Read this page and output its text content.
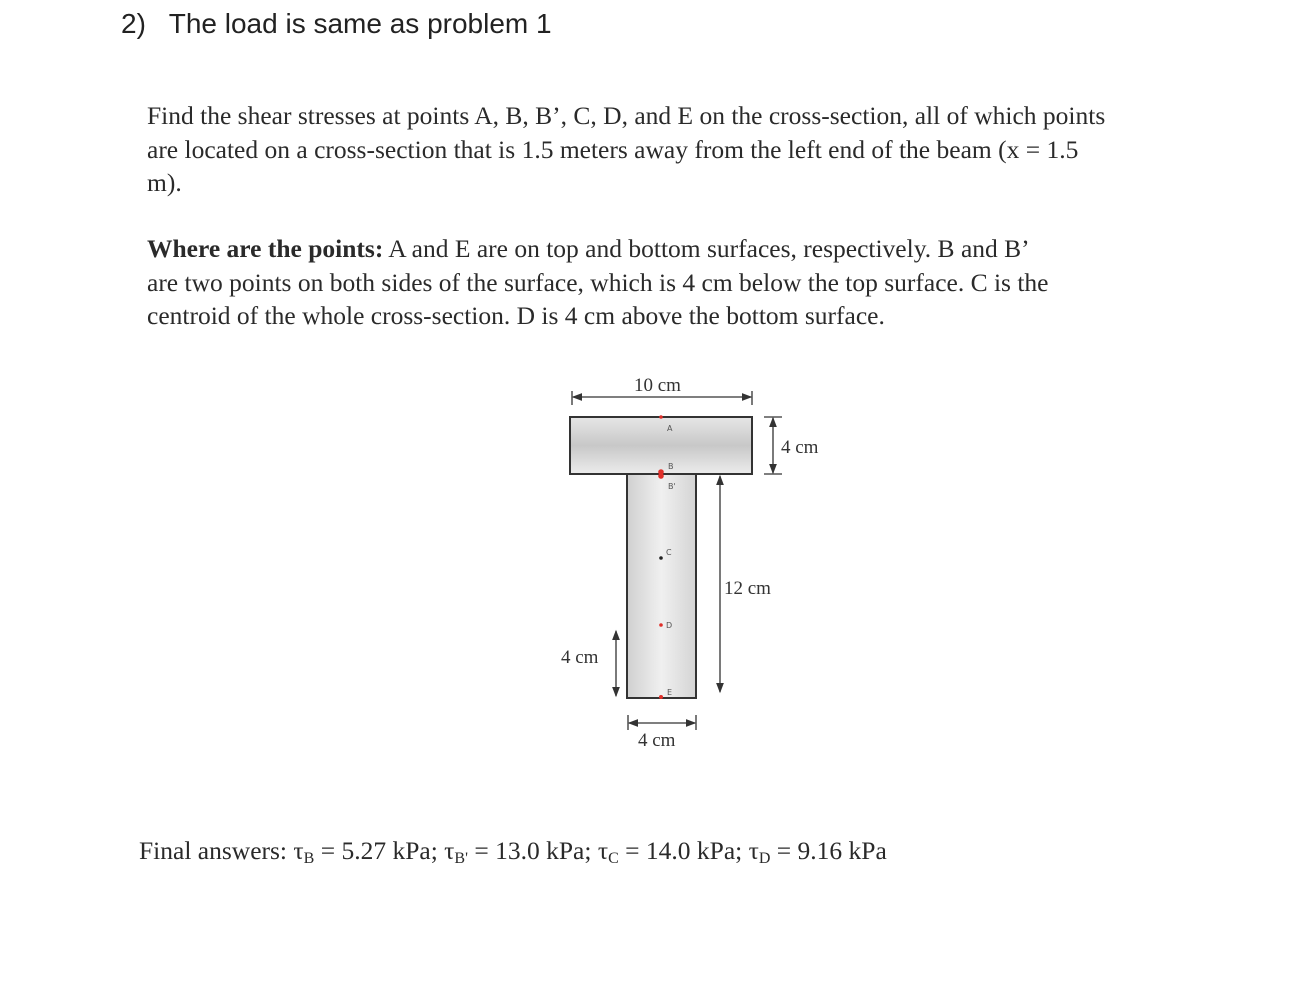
2)   The load is same as problem 1
Find the shear stresses at points A, B, B’, C, D, and E on the cross-section, all of which points
are located on a cross-section that is 1.5 meters away from the left end of the beam (x = 1.5
m).
Where are the points: A and E are on top and bottom surfaces, respectively. B and B’
are two points on both sides of the surface, which is 4 cm below the top surface. C is the
centroid of the whole cross-section. D is 4 cm above the bottom surface.
10 cm
4 cm
12 cm
4 cm
4 cm
A
B
B'
C
D
E
Final answers: $\tau_B = 5.27$ kPa; $\tau_{B'} = 13.0$ kPa; $\tau_C = 14.0$ kPa; $\tau_D = 9.16$ kPa
